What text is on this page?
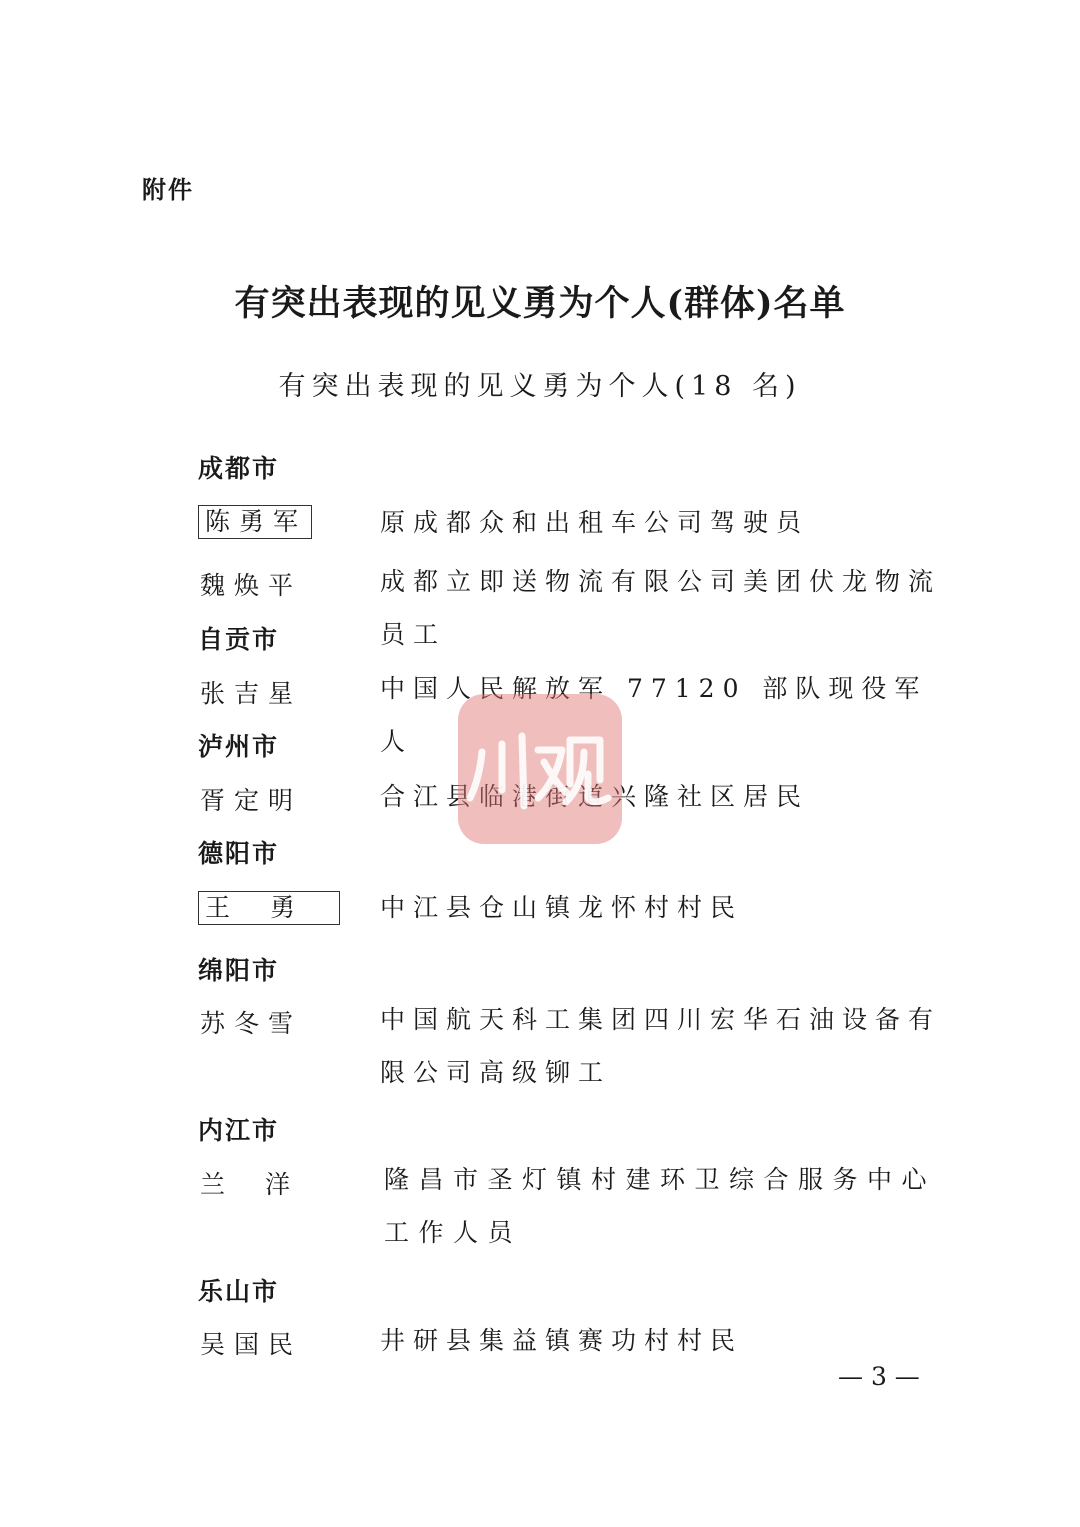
附件
有突出表现的见义勇为个人(群体)名单
有突出表现的见义勇为个人(18 名)
成都市
陈勇军	原成都众和出租车公司驾驶员
魏焕平	成都立即送物流有限公司美团伏龙物流员工
自贡市
张吉星	中国人民解放军 77120 部队现役军人
泸州市
胥定明	合江县临港街道兴隆社区居民
德阳市
王勇 中江县仓山镇龙怀村村民
绵阳市
苏冬雪	中国航天科工集团四川宏华石油设备有限公司高级铆工
内江市
兰洋 隆昌市圣灯镇村建环卫综合服务中心工作人员
乐山市
吴国民	井研县集益镇赛功村村民
— 3 —
